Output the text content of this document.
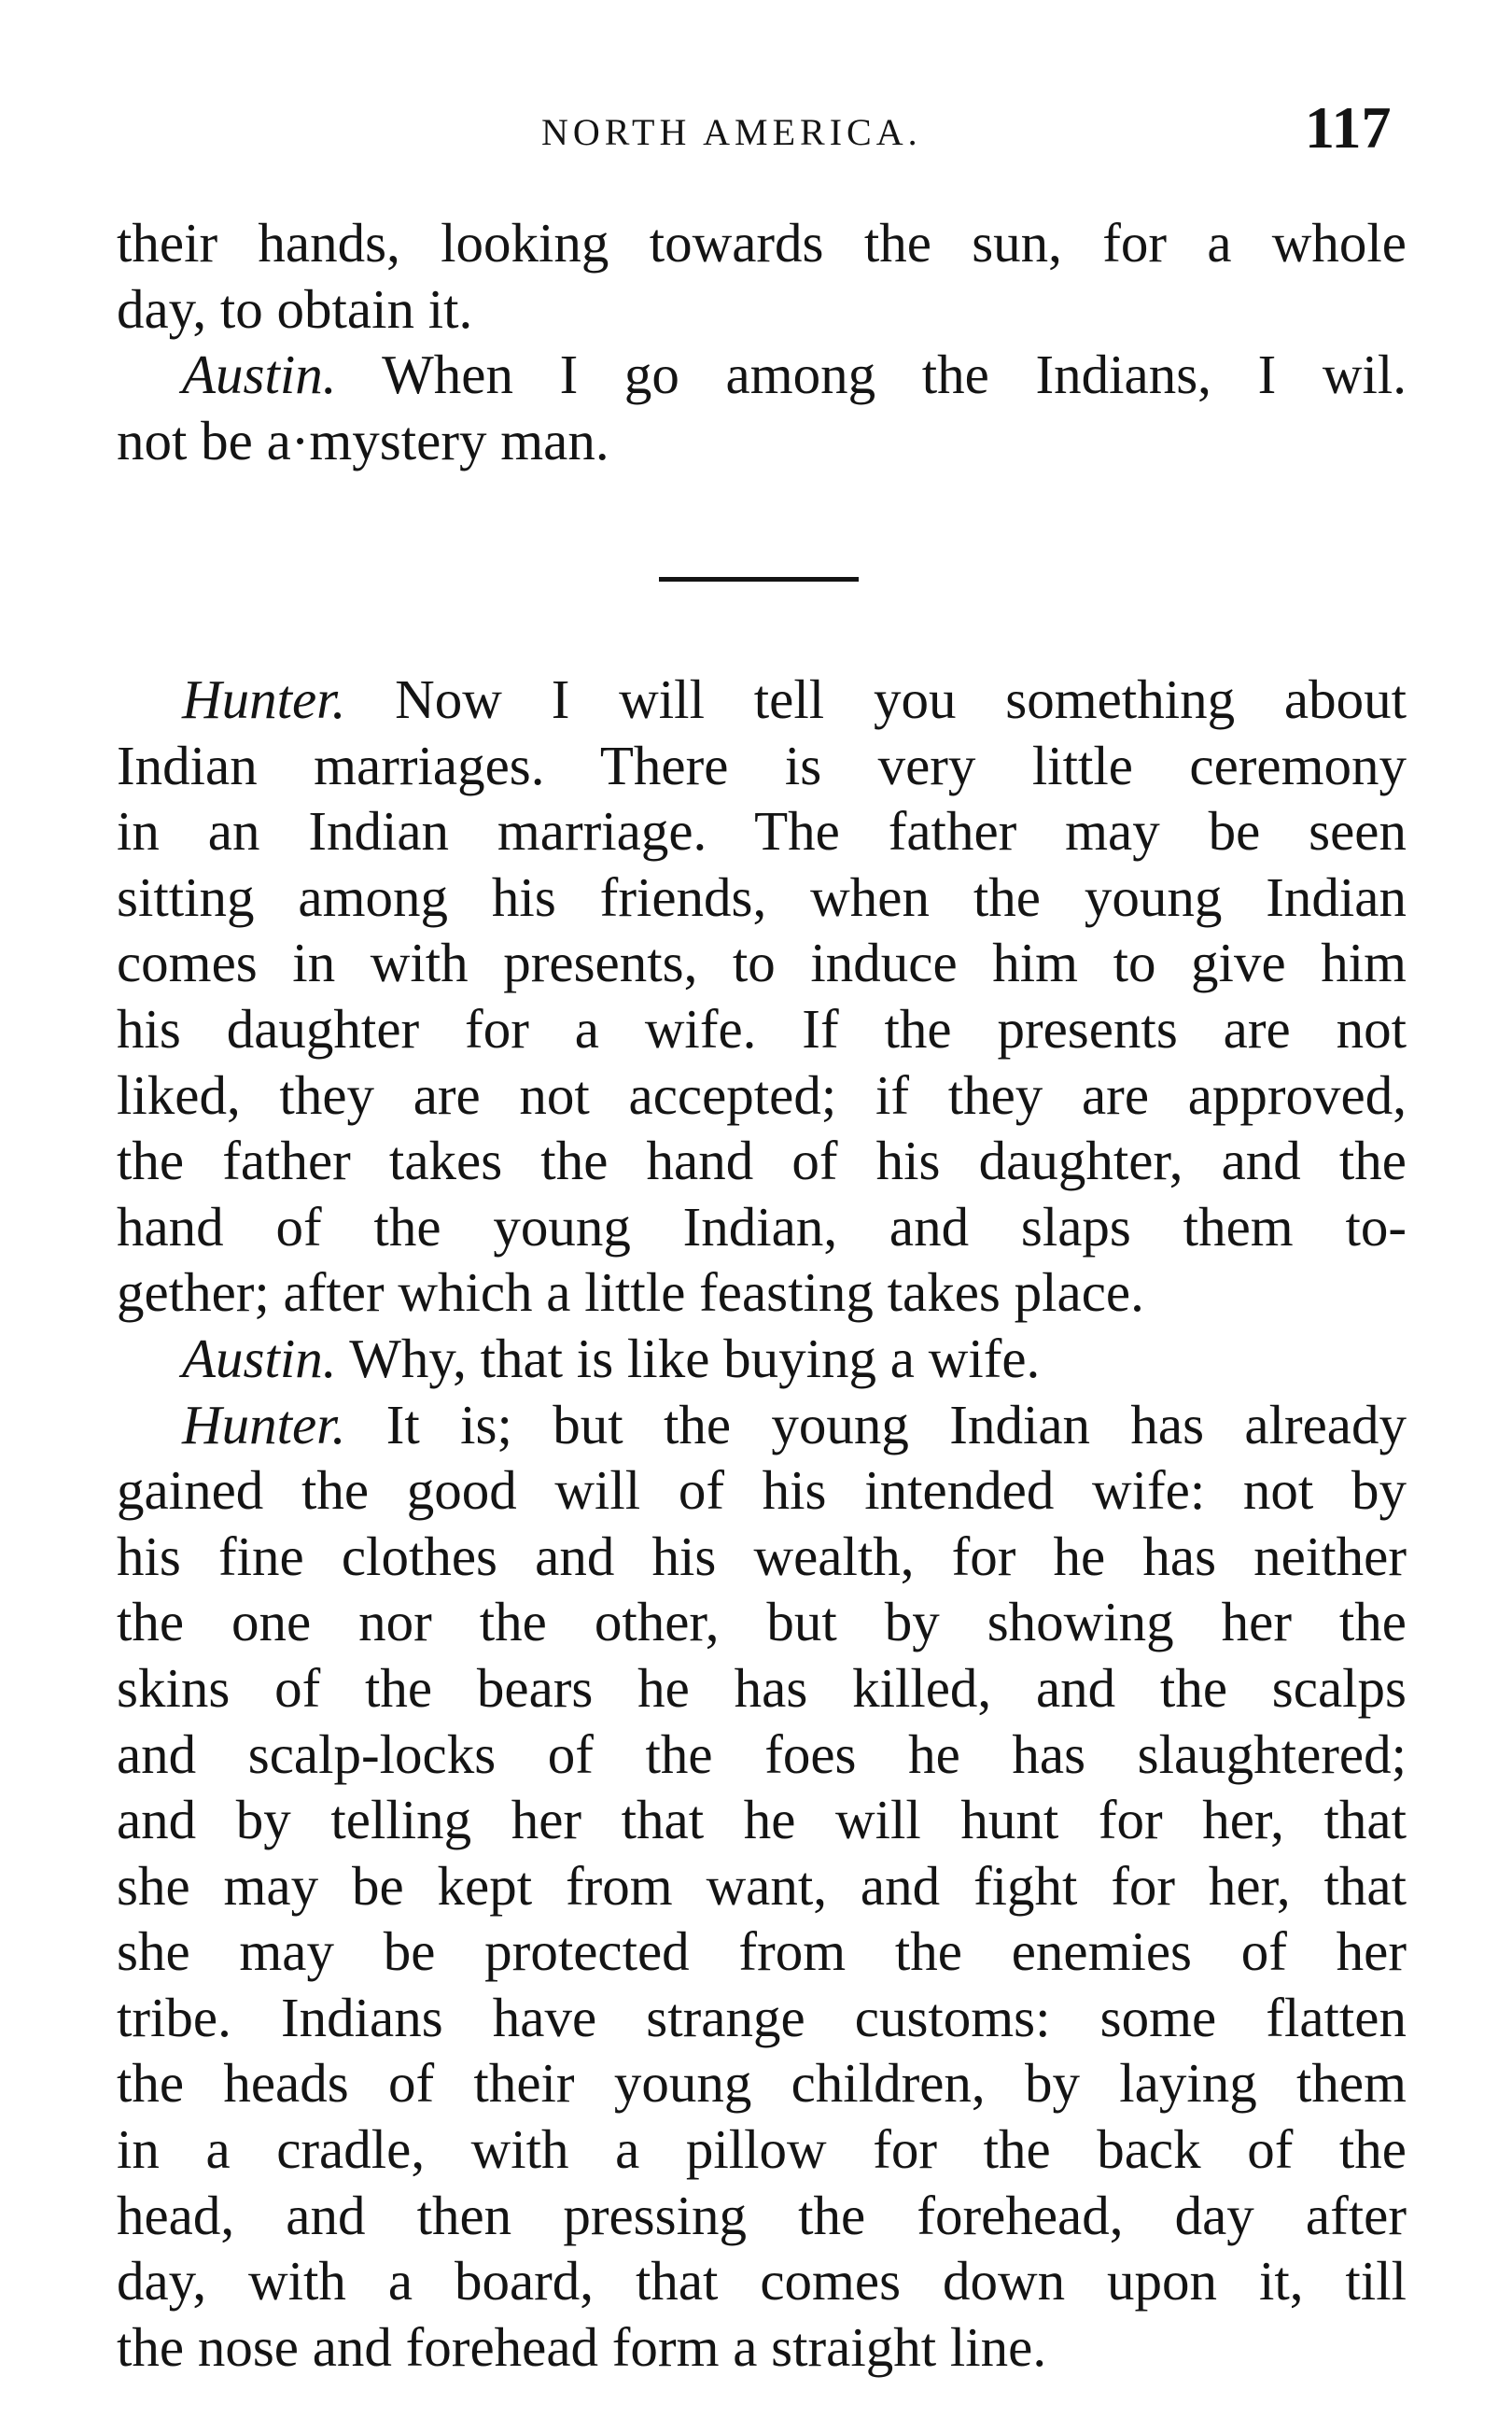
NORTH AMERICA.	117
their hands, looking towards the sun, for a whole
day, to obtain it.
Austin. When I go among the Indians, I wil.
not be a·mystery man.
Hunter. Now I will tell you something about
Indian marriages. There is very little ceremony
in an Indian marriage. The father may be seen
sitting among his friends, when the young Indian
comes in with presents, to induce him to give him
his daughter for a wife. If the presents are not
liked, they are not accepted; if they are approved,
the father takes the hand of his daughter, and the
hand of the young Indian, and slaps them to-
gether; after which a little feasting takes place.
Austin. Why, that is like buying a wife.
Hunter. It is; but the young Indian has already
gained the good will of his intended wife: not by
his fine clothes and his wealth, for he has neither
the one nor the other, but by showing her the
skins of the bears he has killed, and the scalps
and scalp-locks of the foes he has slaughtered;
and by telling her that he will hunt for her, that
she may be kept from want, and fight for her, that
she may be protected from the enemies of her
tribe. Indians have strange customs: some flatten
the heads of their young children, by laying them
in a cradle, with a pillow for the back of the
head, and then pressing the forehead, day after
day, with a board, that comes down upon it, till
the nose and forehead form a straight line.
